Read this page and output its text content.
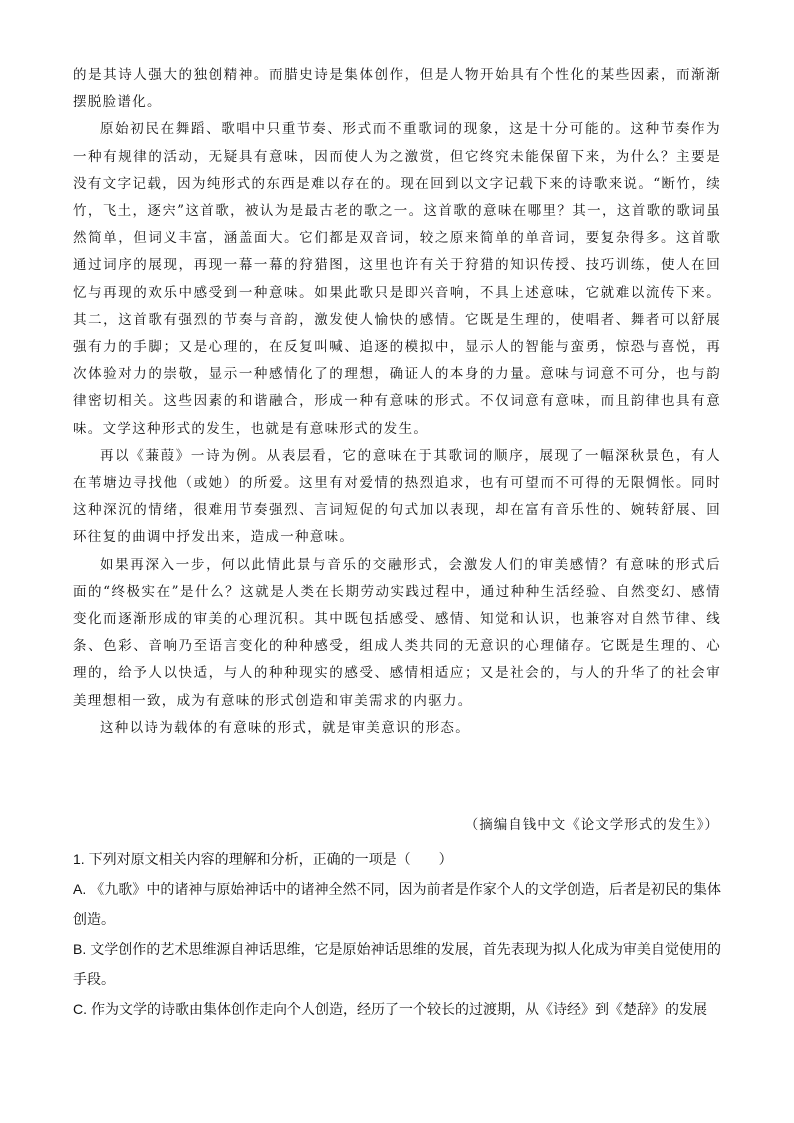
的是其诗人强大的独创精神。而腊史诗是集体创作，但是人物开始具有个性化的某些因素，而渐渐摆脱脸谱化。

原始初民在舞蹈、歌唱中只重节奏、形式而不重歌词的现象，这是十分可能的。这种节奏作为一种有规律的活动，无疑具有意味，因而使人为之激赏，但它终究未能保留下来，为什么？主要是没有文字记载，因为纯形式的东西是难以存在的。现在回到以文字记载下来的诗歌来说。“断竹，续竹，飞土，逐宍”这首歌，被认为是最古老的歌之一。这首歌的意味在哪里？其一，这首歌的歌词虽然简单，但词义丰富，涵盖面大。它们都是双音词，较之原来简单的单音词，要复杂得多。这首歌通过词序的展现，再现一幕一幕的狩猎图，这里也许有关于狩猎的知识传授、技巧训练，使人在回忆与再现的欢乐中感受到一种意味。如果此歌只是即兴音响，不具上述意味，它就难以流传下来。其二，这首歌有强烈的节奏与音韵，激发使人愉快的感情。它既是生理的，使唱者、舞者可以舒展强有力的手脚；又是心理的，在反复叫喊、追逐的模拟中，显示人的智能与蛮勇，惊恐与喜悦，再次体验对力的崇敬，显示一种感情化了的理想，确证人的本身的力量。意味与词意不可分，也与韵律密切相关。这些因素的和谐融合，形成一种有意味的形式。不仅词意有意味，而且韵律也具有意味。文学这种形式的发生，也就是有意味形式的发生。

再以《蒹葭》一诗为例。从表层看，它的意味在于其歌词的顺序，展现了一幅深秋景色，有人在苇塘边寻找他（或她）的所爱。这里有对爱情的热烈追求，也有可望而不可得的无限惆怅。同时这种深沉的情绪，很难用节奏强烈、言词短促的句式加以表现，却在富有音乐性的、婉转舒展、回环往复的曲调中抒发出来，造成一种意味。

如果再深入一步，何以此情此景与音乐的交融形式，会激发人们的审美感情？有意味的形式后面的“终极实在”是什么？这就是人类在长期劳动实践过程中，通过种种生活经验、自然变幻、感情变化而逐渐形成的审美的心理沉积。其中既包括感受、感情、知觉和认识，也兼容对自然节律、线条、色彩、音响乃至语言变化的种种感受，组成人类共同的无意识的心理储存。它既是生理的、心理的，给予人以快适，与人的种种现实的感受、感情相适应；又是社会的，与人的升华了的社会审美理想相一致，成为有意味的形式创造和审美需求的内驱力。

这种以诗为载体的有意味的形式，就是审美意识的形态。

（摘编自钱中文《论文学形式的发生》）
1. 下列对原文相关内容的理解和分析，正确的一项是（　　）
A. 《九歌》中的诸神与原始神话中的诸神全然不同，因为前者是作家个人的文学创造，后者是初民的集体创造。
B. 文学创作的艺术思维源自神话思维，它是原始神话思维的发展，首先表现为拟人化成为审美自觉使用的手段。
C. 作为文学的诗歌由集体创作走向个人创造，经历了一个较长的过渡期，从《诗经》到《楚辞》的发展
